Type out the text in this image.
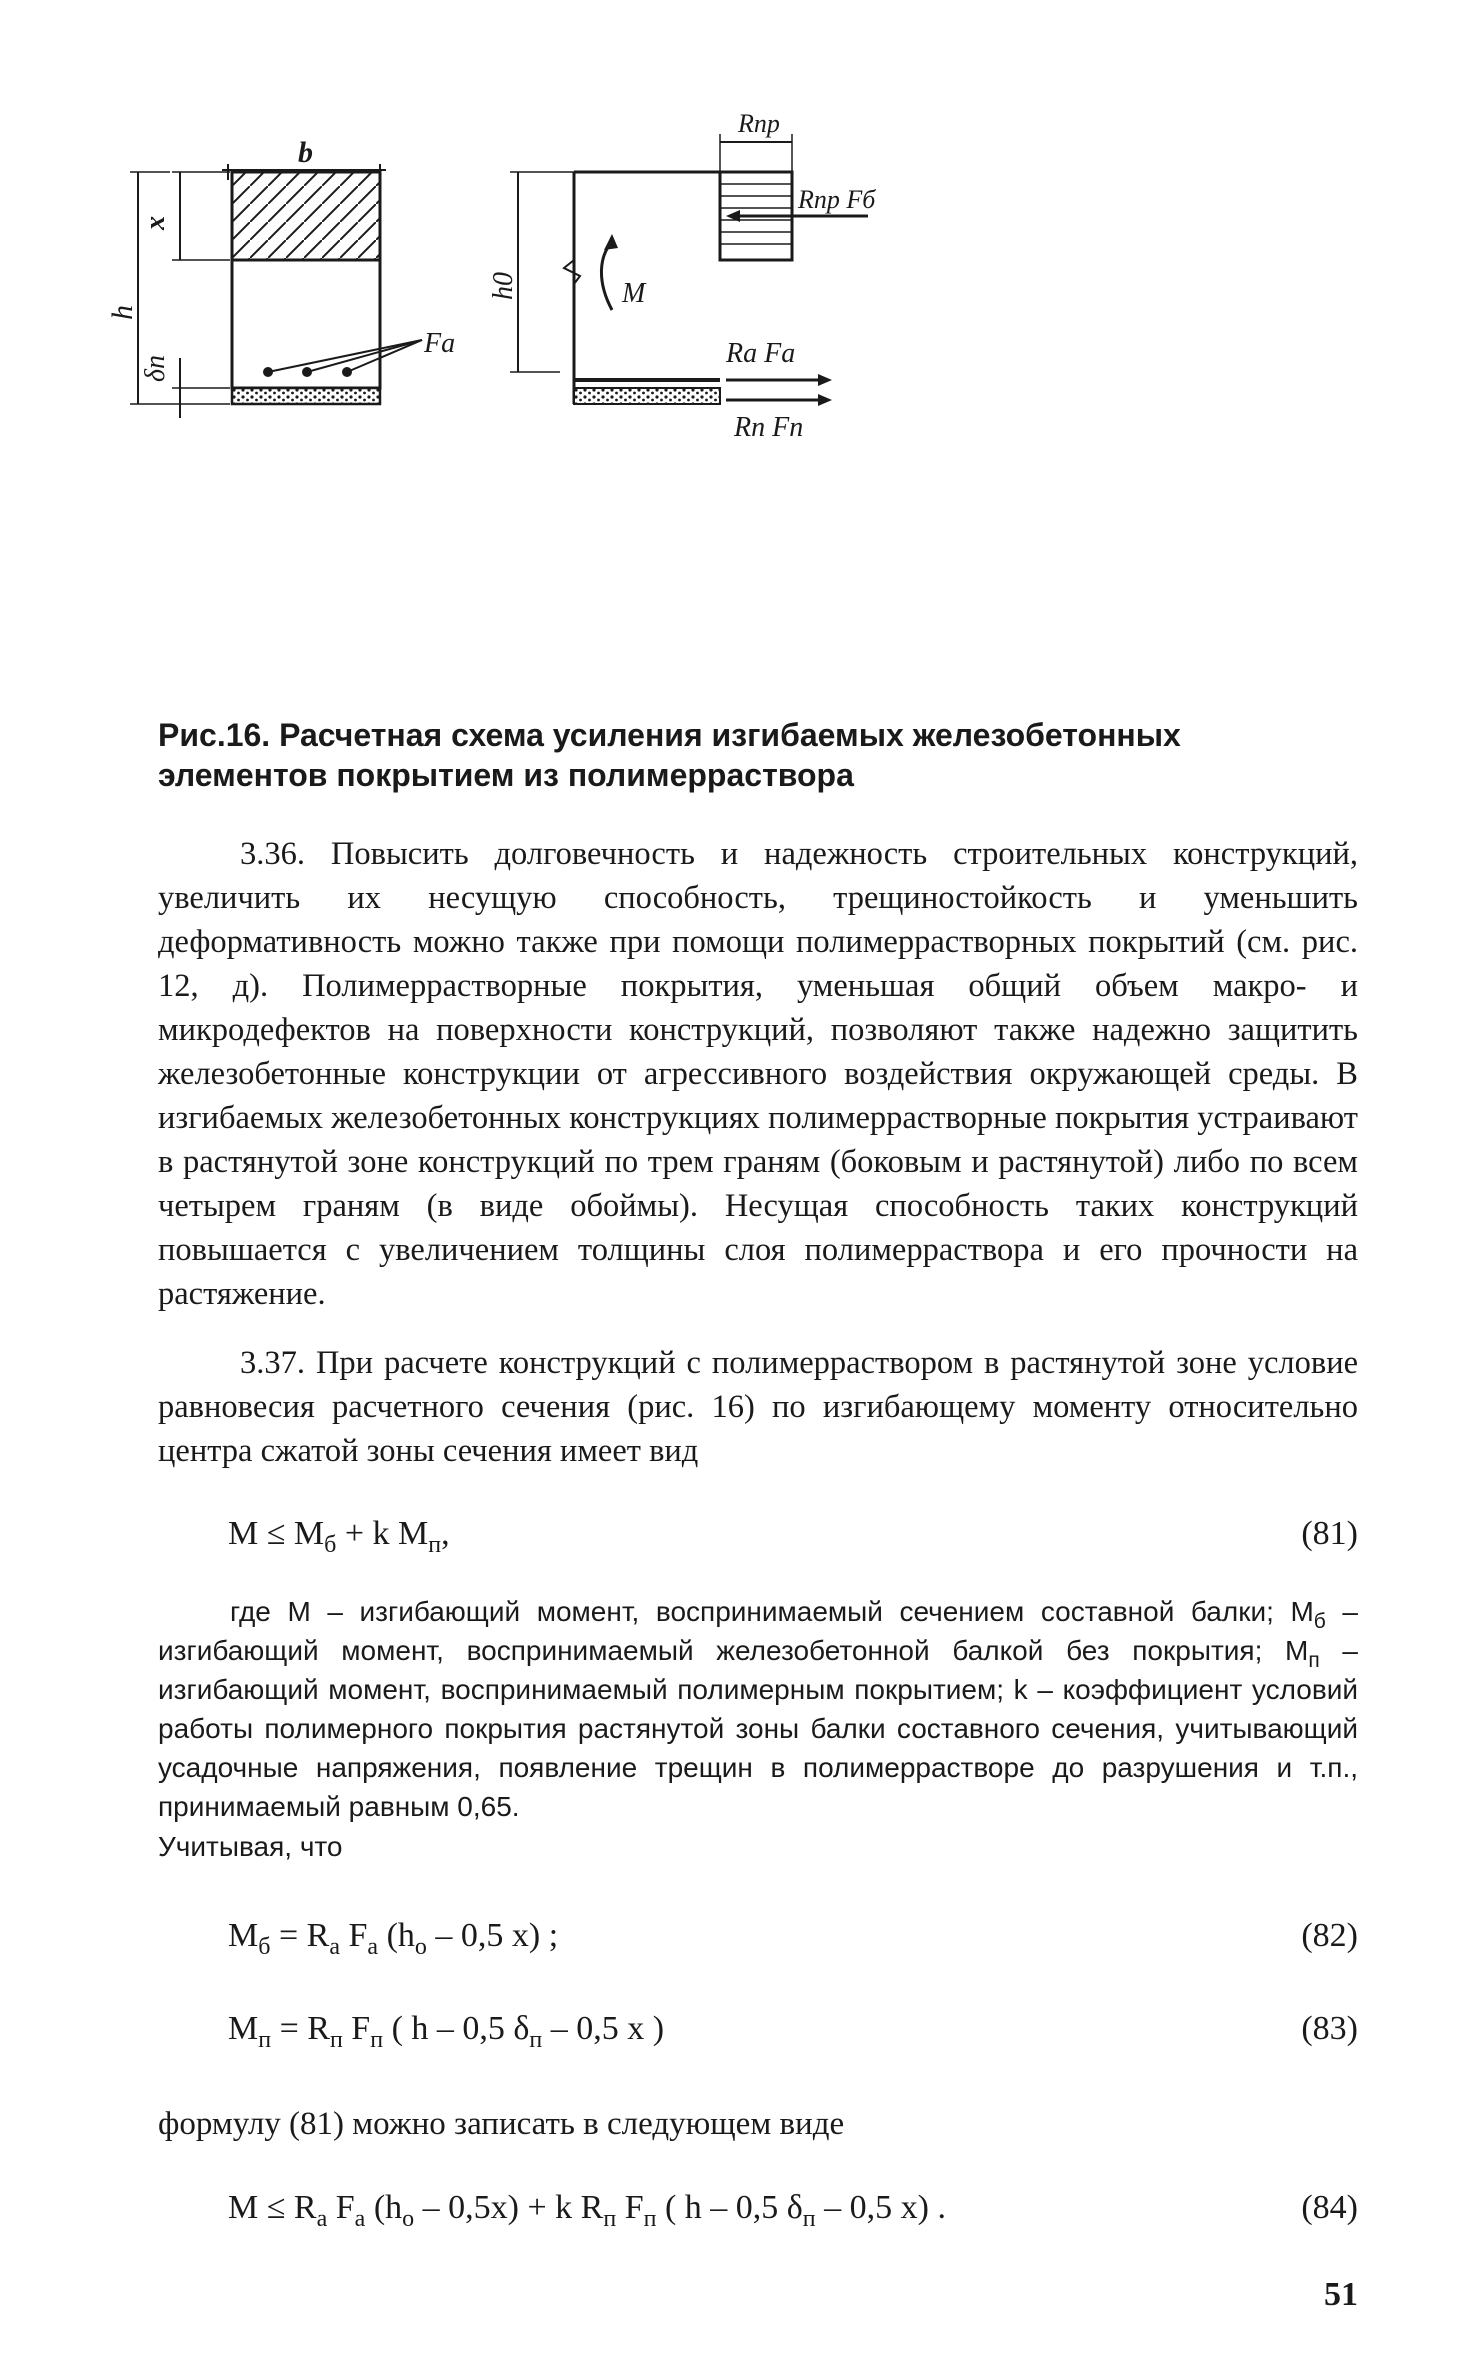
b
Fa
x
h
δn
h0	M
Rпр
Rпр Fб
Ra Fa
Rп Fп

Рис.16. Расчетная схема усиления изгибаемых железобетонных элементов покрытием из полимерраствора

3.36. Повысить долговечность и надежность строительных конструкций, увеличить их несущую способность, трещиностойкость и уменьшить деформативность можно также при помощи полимеррастворных покрытий (см. рис. 12, д). Полимеррастворные покрытия, уменьшая общий объем макро- и микродефектов на поверхности конструкций, позволяют также надежно защитить железобетонные конструкции от агрессивного воздействия окружающей среды. В изгибаемых железобетонных конструкциях полимеррастворные покрытия устраивают в растянутой зоне конструкций по трем граням (боковым и растянутой) либо по всем четырем граням (в виде обоймы). Несущая способность таких конструкций повышается с увеличением толщины слоя полимерраствора и его прочности на растяжение.

3.37. При расчете конструкций с полимерраствором в растянутой зоне условие равновесия расчетного сечения (рис. 16) по изгибающему моменту относительно центра сжатой зоны сечения имеет вид

$M \le M_б + k$ $M_п$,	(81)

где M – изгибающий момент, воспринимаемый сечением составной балки; $M_б$ – изгибающий момент, воспринимаемый железобетонной балкой без покрытия; $M_п$ – изгибающий момент, воспринимаемый полимерным покрытием; k – коэффициент условий работы полимерного покрытия растянутой зоны балки составного сечения, учитывающий усадочные напряжения, появление трещин в полимеррастворе до разрушения и т.п., принимаемый равным 0,65.

Учитывая, что

$M_б = R_a$ $F_a$ ($h_o - 0,5$ x) ;	(82)
$M_п = R_п$ $F_п$ ( h – 0,5 $\delta_п - 0,5$ x )	(83)

формулу (81) можно записать в следующем виде

$M \le R_a$ $F_a$ $(h_o - 0,5x) + k$ $R_п$ $F_п$ ( h – 0,5 $\delta_п - 0,5$ x) .	(84)
51
